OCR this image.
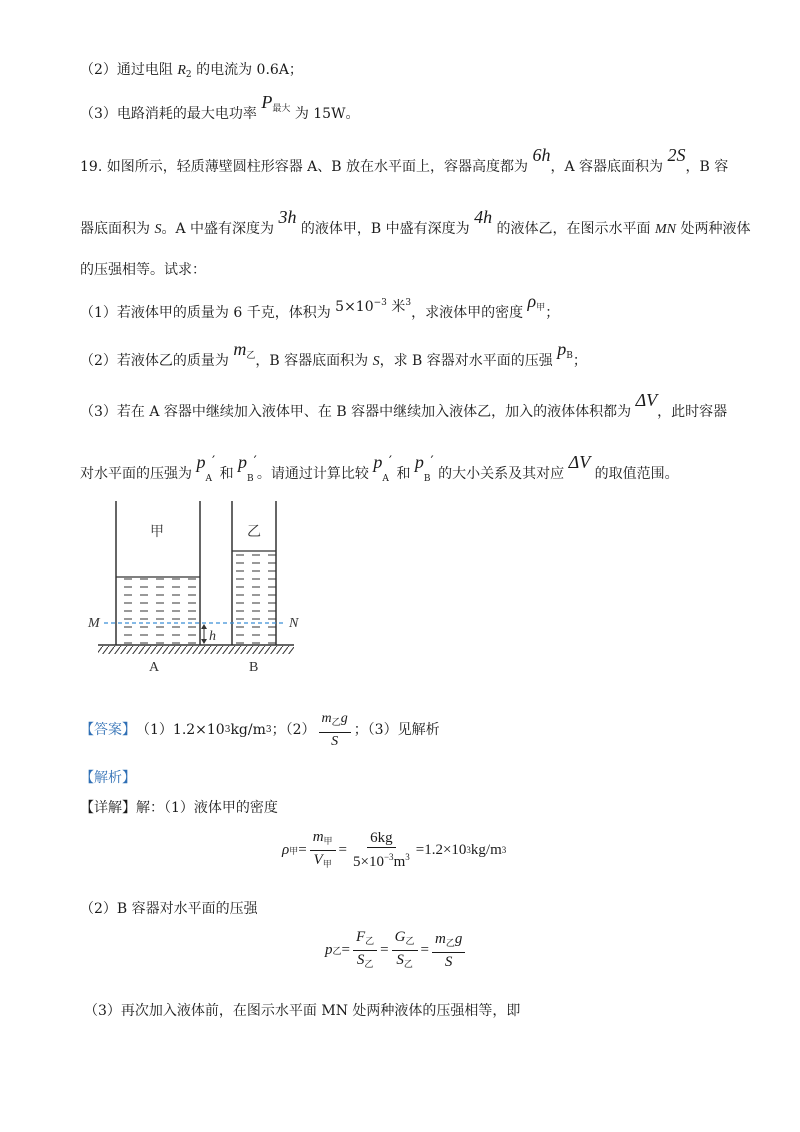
（2）通过电阻 $R_2$ 的电流为 0.6A；
（3）电路消耗的最大电功率 $P^{最大}$ 为 15W。
19. 如图所示，轻质薄壁圆柱形容器 A、B 放在水平面上，容器高度都为 6h，A 容器底面积为 2S，B 容
器底面积为 S。A 中盛有深度为 3h 的液体甲，B 中盛有深度为 4h 的液体乙，在图示水平面 MN 处两种液体
的压强相等。试求：
（1）若液体甲的质量为 6 千克，体积为 $5\times 10^{-3}$ 米$^3$，求液体甲的密度 $\rho^甲$；
（2）若液体乙的质量为 $m^乙$，B 容器底面积为 S，求 B 容器对水平面的压强 $p^B$；
（3）若在 A 容器中继续加入液体甲、在 B 容器中继续加入液体乙，加入的液体体积都为 ΔV，此时容器
对水平面的压强为 $p_A'$ 和 $p_B'$。请通过计算比较 $p_A'$ 和 $p_B'$ 的大小关系及其对应 ΔV 的取值范围。
甲	乙
M	N
h
A	B
【答案】 （1）1.2×10 3 kg/m 3 ；$(2) \frac{m_乙g}{S}$ ；（3）见解析
【解析】
【详解】解：（1）液体甲的密度
ρ 甲 = $\frac{m_甲}{V_甲} = \frac{6kg}{5\times 10^{-3}m^3} =1.2\times 10$ 3 kg/m 3
（2）B 容器对水平面的压强
p 乙 = $\frac{F_乙}{S_乙} = \frac{G_乙}{S_乙} = \frac{m_乙g}{S}$
（3）再次加入液体前，在图示水平面 MN 处两种液体的压强相等，即
